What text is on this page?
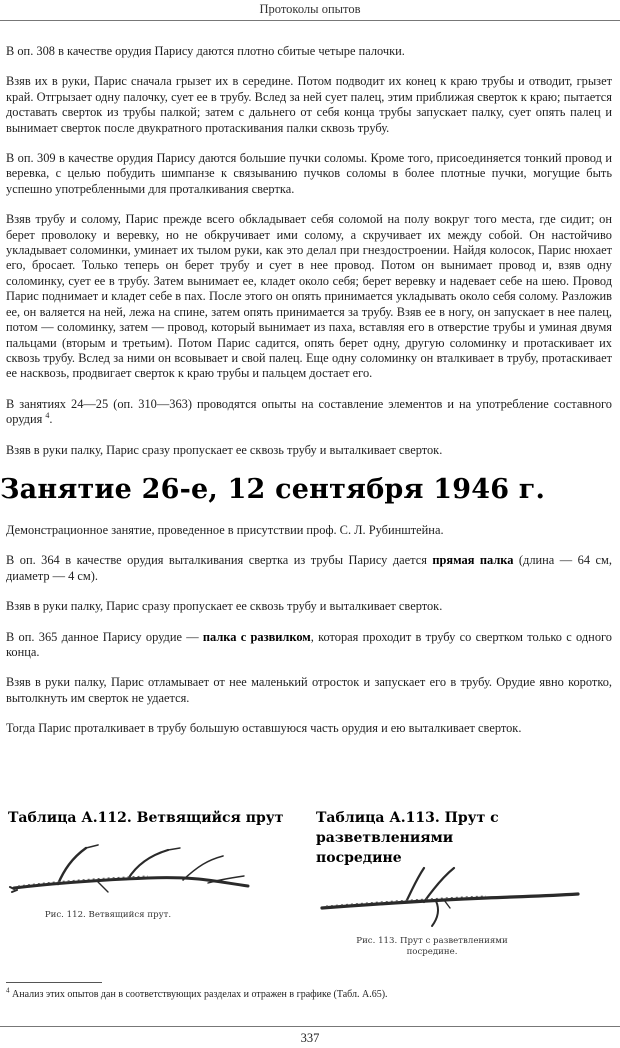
Протоколы опытов

В оп. 308 в качестве орудия Парису даются плотно сбитые четыре палочки.

Взяв их в руки, Парис сначала грызет их в середине. Потом подводит их конец к краю трубы и отводит, грызет край. Отгрызает одну палочку, сует ее в трубу. Вслед за ней сует палец, этим приближая сверток к краю; пытается доставать сверток из трубы палкой; затем с дальнего от себя конца трубы запускает палку, сует опять палец и вынимает сверток после двукратного протаскивания палки сквозь трубу.

В оп. 309 в качестве орудия Парису даются большие пучки соломы. Кроме того, присоединяется тонкий провод и веревка, с целью побудить шимпанзе к связыванию пучков соломы в более плотные пучки, могущие быть успешно употребленными для проталкивания свертка.

Взяв трубу и солому, Парис прежде всего обкладывает себя соломой на полу вокруг того места, где сидит; он берет проволоку и веревку, но не обкручивает ими солому, а скручивает их между собой. Он настойчиво укладывает соломинки, уминает их тылом руки, как это делал при гнездостроении. Найдя колосок, Парис нюхает его, бросает. Только теперь он берет трубу и сует в нее провод. Потом он вынимает провод и, взяв одну соломинку, сует ее в трубу. Затем вынимает ее, кладет около себя; берет веревку и надевает себе на шею. Провод Парис поднимает и кладет себе в пах. После этого он опять принимается укладывать около себя солому. Разложив ее, он валяется на ней, лежа на спине, затем опять принимается за трубу. Взяв ее в ногу, он запускает в нее палец, потом — соломинку, затем — провод, который вынимает из паха, вставляя его в отверстие трубы и уминая двумя пальцами (вторым и третьим). Потом Парис садится, опять берет одну, другую соломинку и протаскивает их сквозь трубу. Вслед за ними он всовывает и свой палец. Еще одну соломинку он вталкивает в трубу, протаскивает ее насквозь, продвигает сверток к краю трубы и пальцем достает его.

В занятиях 24—25 (оп. 310—363) проводятся опыты на составление элементов и на употребление составного орудия $^4$.

Взяв в руки палку, Парис сразу пропускает ее сквозь трубу и выталкивает сверток.

Занятие 26-е, 12 сентября 1946 г.

Демонстрационное занятие, проведенное в присутствии проф. С. Л. Рубинштейна.

В оп. 364 в качестве орудия выталкивания свертка из трубы Парису дается прямая палка (длина — 64 см, диаметр — 4 см).

Взяв в руки палку, Парис сразу пропускает ее сквозь трубу и выталкивает сверток.

В оп. 365 данное Парису орудие — палка с развилком, которая проходит в трубу со свертком только с одного конца.

Взяв в руки палку, Парис отламывает от нее маленький отросток и запускает его в трубу. Орудие явно коротко, вытолкнуть им сверток не удается.

Тогда Парис проталкивает в трубу большую оставшуюся часть орудия и ею выталкивает сверток.

Таблица А.112. Ветвящийся прут

Рис. 112. Ветвящийся прут.

Таблица А.113. Прут с разветвлениями

посредине

Рис. 113. Прут с разветвлениями
посредине.
$^4$ Анализ этих опытов дан в соответствующих разделах и отражен в графике (Табл. А.65).
337
